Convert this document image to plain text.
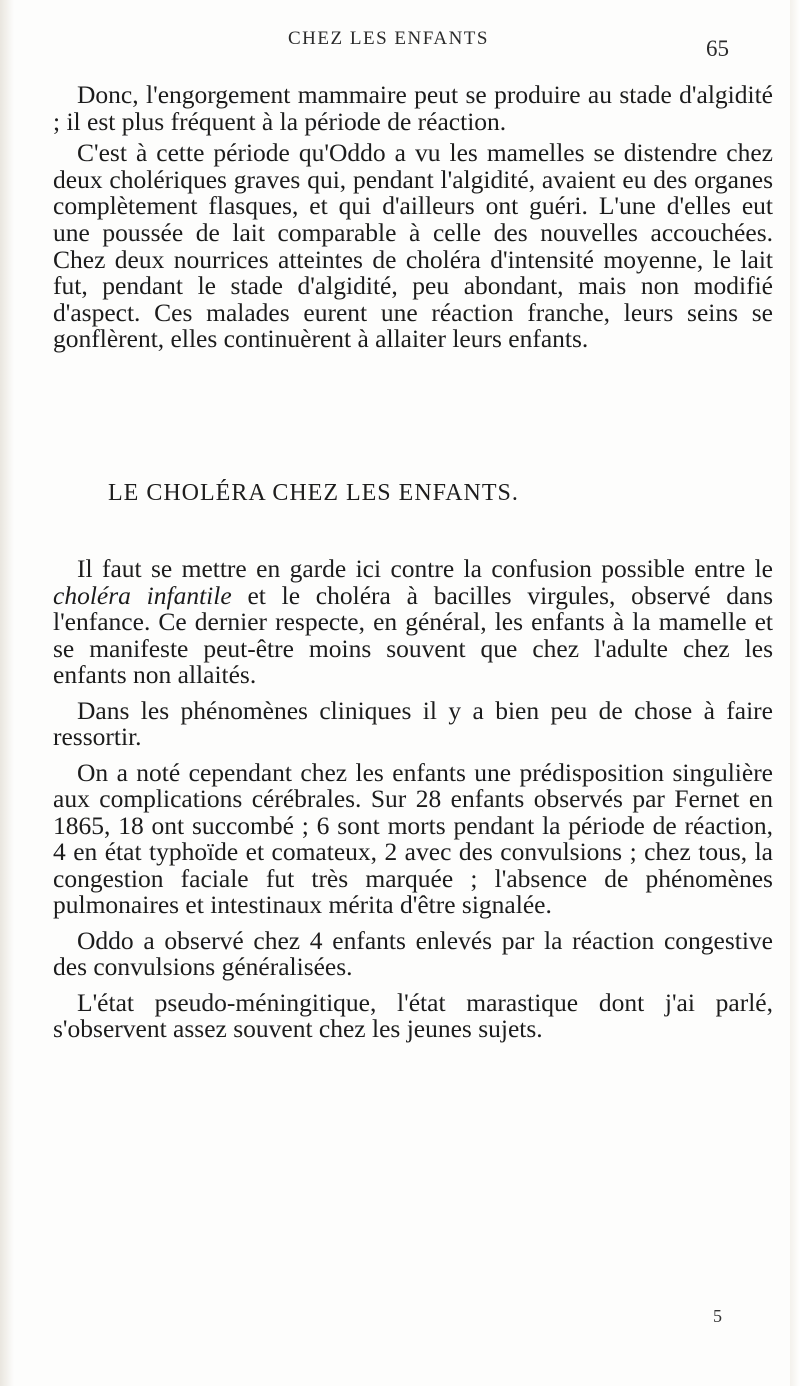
CHEZ LES ENFANTS	65

Donc, l'engorgement mammaire peut se produire au stade d'algidité ; il est plus fréquent à la période de réaction.

C'est à cette période qu'Oddo a vu les mamelles se distendre chez deux cholériques graves qui, pendant l'algidité, avaient eu des organes complètement flasques, et qui d'ailleurs ont guéri. L'une d'elles eut une poussée de lait comparable à celle des nouvelles accouchées. Chez deux nourrices atteintes de choléra d'intensité moyenne, le lait fut, pendant le stade d'algidité, peu abondant, mais non modifié d'aspect. Ces malades eurent une réaction franche, leurs seins se gonflèrent, elles continuèrent à allaiter leurs enfants.

LE CHOLÉRA CHEZ LES ENFANTS.

Il faut se mettre en garde ici contre la confusion possible entre le choléra infantile et le choléra à bacilles virgules, observé dans l'enfance. Ce dernier respecte, en général, les enfants à la mamelle et se manifeste peut-être moins souvent que chez l'adulte chez les enfants non allaités.

Dans les phénomènes cliniques il y a bien peu de chose à faire ressortir.

On a noté cependant chez les enfants une prédisposition singulière aux complications cérébrales. Sur 28 enfants observés par Fernet en 1865, 18 ont succombé ; 6 sont morts pendant la période de réaction, 4 en état typhoïde et comateux, 2 avec des convulsions ; chez tous, la congestion faciale fut très marquée ; l'absence de phénomènes pulmonaires et intestinaux mérita d'être signalée.

Oddo a observé chez 4 enfants enlevés par la réaction congestive des convulsions généralisées.

L'état pseudo-méningitique, l'état marastique dont j'ai parlé, s'observent assez souvent chez les jeunes sujets.

5
